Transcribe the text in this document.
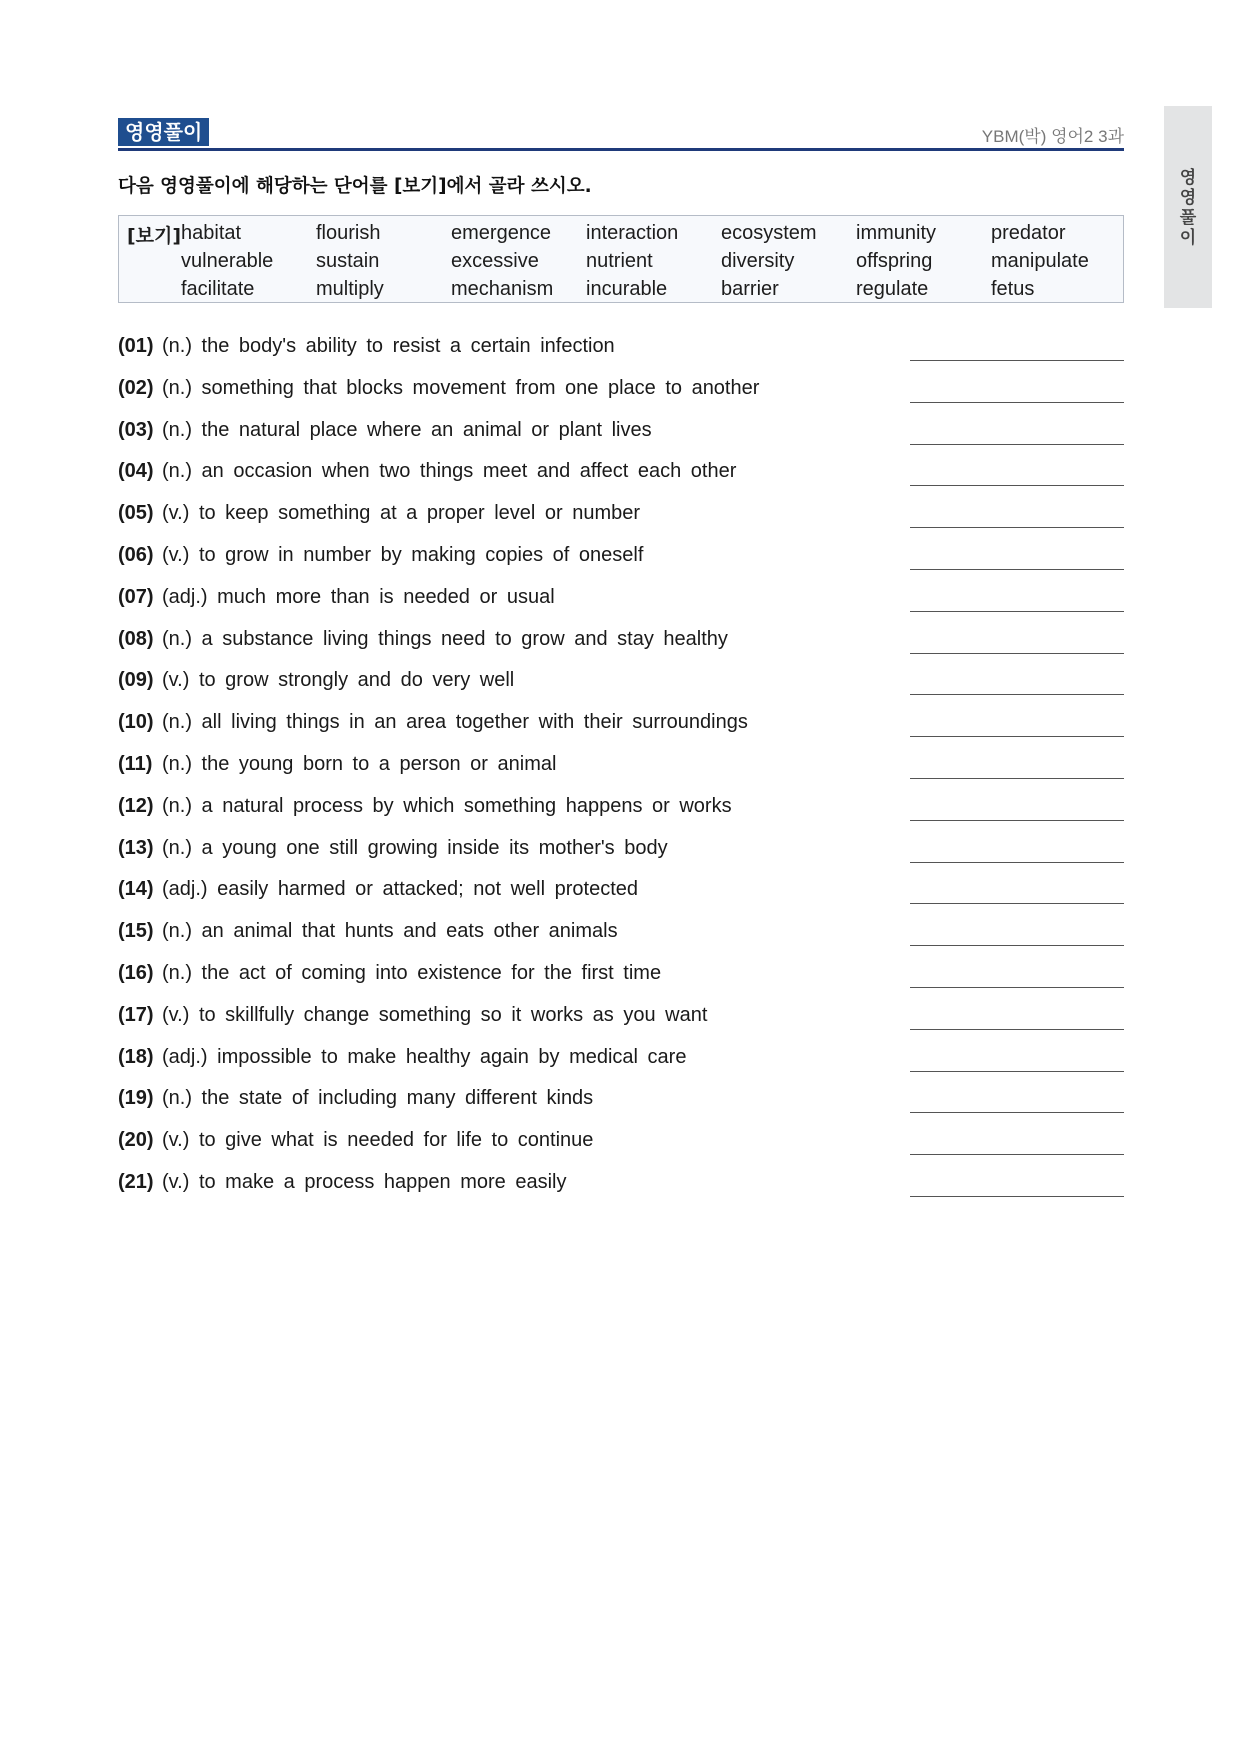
영영풀이	YBM(박) 영어2 3과
영
영
풀
이
다음 영영풀이에 해당하는 단어를 [보기]에서 골라 쓰시오.
[보기] habitat	flourish	emergence	interaction	ecosystem	immunity	predator
vulnerable	sustain	excessive	nutrient	diversity	offspring	manipulate
facilitate	multiply	mechanism	incurable	barrier	regulate	fetus
(01) (n.) the body's ability to resist a certain infection
(02) (n.) something that blocks movement from one place to another
(03) (n.) the natural place where an animal or plant lives
(04) (n.) an occasion when two things meet and affect each other
(05) (v.) to keep something at a proper level or number
(06) (v.) to grow in number by making copies of oneself
(07) (adj.) much more than is needed or usual
(08) (n.) a substance living things need to grow and stay healthy
(09) (v.) to grow strongly and do very well
(10) (n.) all living things in an area together with their surroundings
(11) (n.) the young born to a person or animal
(12) (n.) a natural process by which something happens or works
(13) (n.) a young one still growing inside its mother's body
(14) (adj.) easily harmed or attacked; not well protected
(15) (n.) an animal that hunts and eats other animals
(16) (n.) the act of coming into existence for the first time
(17) (v.) to skillfully change something so it works as you want
(18) (adj.) impossible to make healthy again by medical care
(19) (n.) the state of including many different kinds
(20) (v.) to give what is needed for life to continue
(21) (v.) to make a process happen more easily
